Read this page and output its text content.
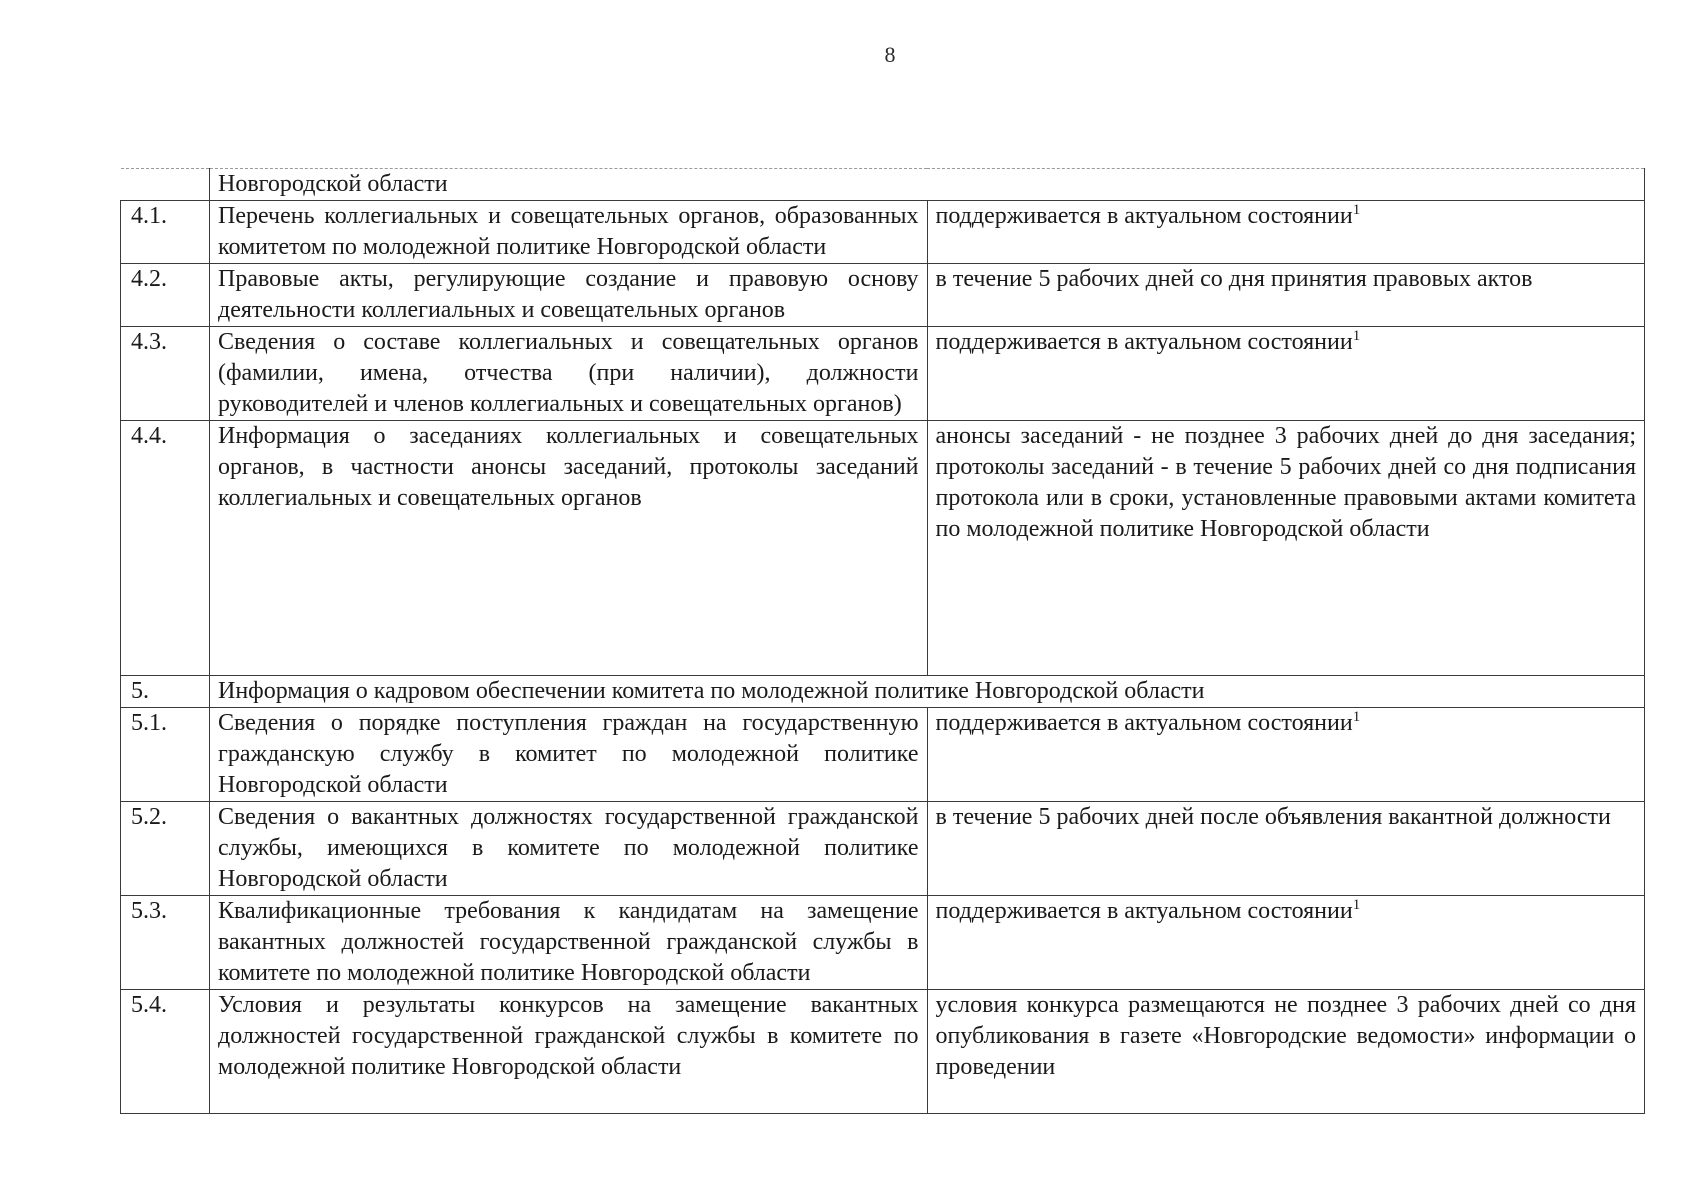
8
	Новгородской области	
4.1.	Перечень коллегиальных и совещательных органов, образованных комитетом по молодежной политике Новгородской области	поддерживается в актуальном состоянии$^1$

4.2.	Правовые акты, регулирующие создание и правовую основу деятельности коллегиальных и совещательных органов	в течение 5 рабочих дней со дня принятия правовых актов

4.3.	Сведения о составе коллегиальных и совещательных органов (фамилии, имена, отчества (при наличии), должности руководителей и членов коллегиальных и совещательных органов)	поддерживается в актуальном состоянии$^1$

4.4.	Информация о заседаниях коллегиальных и совещательных органов, в частности анонсы заседаний, протоколы заседаний коллегиальных и совещательных органов	анонсы заседаний - не позднее 3 рабочих дней до дня заседания; протоколы заседаний - в течение 5 рабочих дней со дня подписания протокола или в сроки, установленные правовыми актами комитета по молодежной политике Новгородской области

5.	Информация о кадровом обеспечении комитета по молодежной политике Новгородской области	
5.1.	Сведения о порядке поступления граждан на государственную гражданскую службу в комитет по молодежной политике Новгородской области	поддерживается в актуальном состоянии$^1$

5.2.	Сведения о вакантных должностях государственной гражданской службы, имеющихся в комитете по молодежной политике Новгородской области	в течение 5 рабочих дней после объявления вакантной должности

5.3.	Квалификационные требования к кандидатам на замещение вакантных должностей государственной гражданской службы в комитете по молодежной политике Новгородской области	поддерживается в актуальном состоянии$^1$

5.4.	Условия и результаты конкурсов на замещение вакантных должностей государственной гражданской службы в комитете по молодежной политике Новгородской области	условия конкурса размещаются не позднее 3 рабочих дней со дня опубликования в газете «Новгородские ведомости» информации о проведении
